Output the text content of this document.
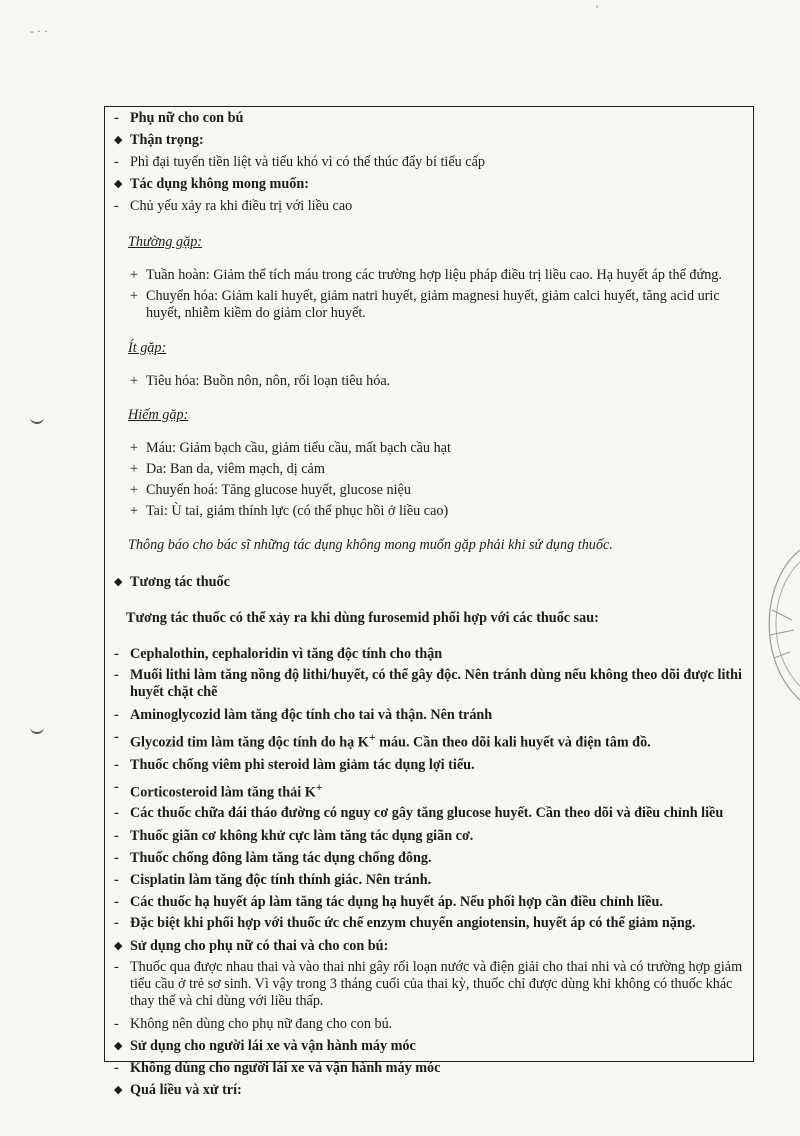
- · ·
'

- Phụ nữ cho con bú

◆ Thận trọng:

- Phì đại tuyến tiền liệt và tiểu khó vì có thể thúc đẩy bí tiểu cấp

◆ Tác dụng không mong muốn:

- Chủ yếu xảy ra khi điều trị với liều cao

Thường gặp:

+ Tuần hoàn: Giảm thể tích máu trong các trường hợp liệu pháp điều trị liều cao. Hạ huyết áp thế đứng.

+ Chuyển hóa: Giảm kali huyết, giảm natri huyết, giảm magnesi huyết, giảm calci huyết, tăng acid uric huyết, nhiễm kiềm do giảm clor huyết.

Ít gặp:

+ Tiêu hóa: Buồn nôn, nôn, rối loạn tiêu hóa.

Hiếm gặp:

+ Máu: Giảm bạch cầu, giảm tiểu cầu, mất bạch cầu hạt

+ Da: Ban da, viêm mạch, dị cảm

+ Chuyển hoá: Tăng glucose huyết, glucose niệu

+ Tai: Ù tai, giảm thính lực (có thể phục hồi ở liều cao)

Thông báo cho bác sĩ những tác dụng không mong muốn gặp phải khi sử dụng thuốc.

◆ Tương tác thuốc

Tương tác thuốc có thể xảy ra khi dùng furosemid phối hợp với các thuốc sau:

- Cephalothin, cephaloridin vì tăng độc tính cho thận

- Muối lithi làm tăng nồng độ lithi/huyết, có thể gây độc. Nên tránh dùng nếu không theo dõi được lithi huyết chặt chẽ

- Aminoglycozid làm tăng độc tính cho tai và thận. Nên tránh

- Glycozid tim làm tăng độc tính do hạ K+ máu. Cần theo dõi kali huyết và điện tâm đồ.

- Thuốc chống viêm phi steroid làm giảm tác dụng lợi tiểu.

- Corticosteroid làm tăng thải K+

- Các thuốc chữa đái tháo đường có nguy cơ gây tăng glucose huyết. Cần theo dõi và điều chỉnh liều

- Thuốc giãn cơ không khử cực làm tăng tác dụng giãn cơ.

- Thuốc chống đông làm tăng tác dụng chống đông.

- Cisplatin làm tăng độc tính thính giác. Nên tránh.

- Các thuốc hạ huyết áp làm tăng tác dụng hạ huyết áp. Nếu phối hợp cần điều chỉnh liều.

- Đặc biệt khi phối hợp với thuốc ức chế enzym chuyển angiotensin, huyết áp có thể giảm nặng.

◆ Sử dụng cho phụ nữ có thai và cho con bú:

- Thuốc qua được nhau thai và vào thai nhi gây rối loạn nước và điện giải cho thai nhi và có trường hợp giảm tiểu cầu ở trẻ sơ sinh. Vì vậy trong 3 tháng cuối của thai kỳ, thuốc chỉ được dùng khi không có thuốc khác thay thế và chỉ dùng với liều thấp.

- Không nên dùng cho phụ nữ đang cho con bú.

◆ Sử dụng cho người lái xe và vận hành máy móc

- Không dùng cho người lái xe và vận hành máy móc

◆ Quá liều và xử trí:
